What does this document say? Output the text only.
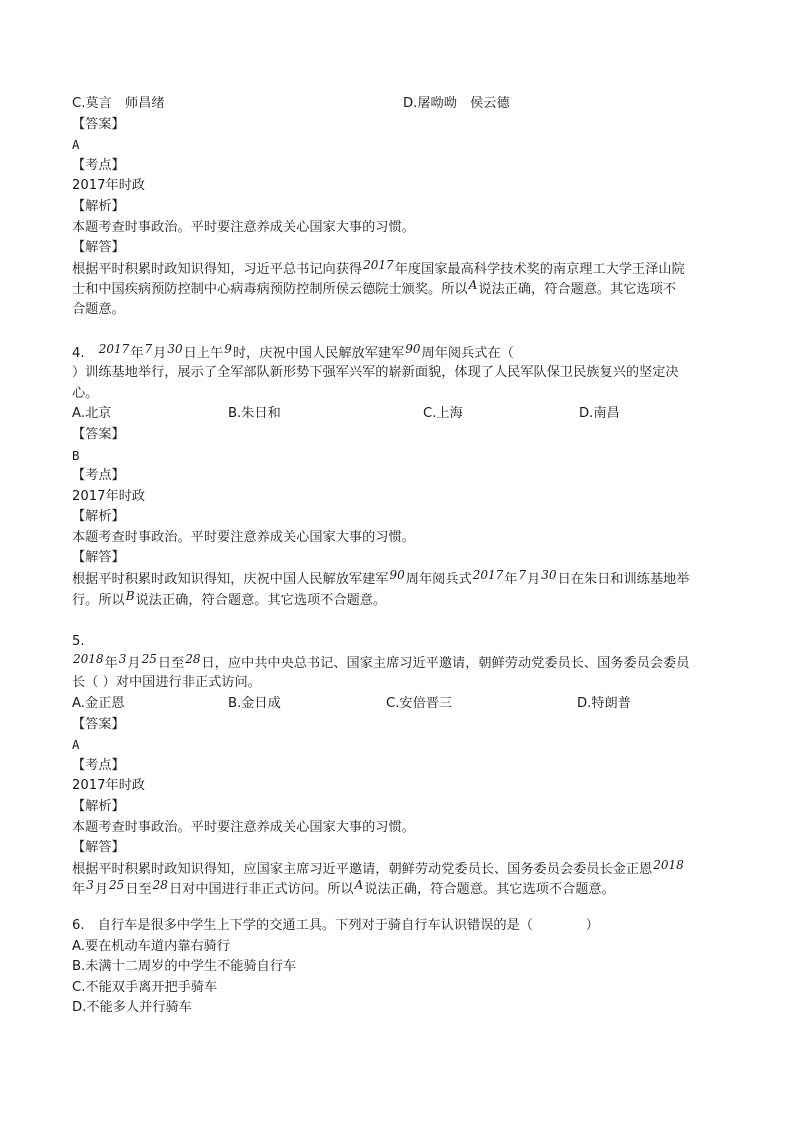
C.莫言　师昌绪	D.屠呦呦　侯云德
【答案】
A
【考点】
2017年时政
【解析】
本题考查时事政治。平时要注意养成关心国家大事的习惯。
【解答】
根据平时积累时政知识得知，习近平总书记向获得2017年度国家最高科学技术奖的南京理工大学王泽山院
士和中国疾病预防控制中心病毒病预防控制所侯云德院士颁奖。所以A说法正确，符合题意。其它选项不
合题意。
4.　2017年7月30日上午9时，庆祝中国人民解放军建军90周年阅兵式在（
）训练基地举行，展示了全军部队新形势下强军兴军的崭新面貌，体现了人民军队保卫民族复兴的坚定决
心。
A.北京	B.朱日和	C.上海	D.南昌
【答案】
B
【考点】
2017年时政
【解析】
本题考查时事政治。平时要注意养成关心国家大事的习惯。
【解答】
根据平时积累时政知识得知，庆祝中国人民解放军建军90周年阅兵式2017年7月30日在朱日和训练基地举
行。所以B说法正确，符合题意。其它选项不合题意。
5.
2018年3月25日至28日，应中共中央总书记、国家主席习近平邀请，朝鲜劳动党委员长、国务委员会委员
长（ ）对中国进行非正式访问。
A.金正恩	B.金日成	C.安倍晋三	D.特朗普
【答案】
A
【考点】
2017年时政
【解析】
本题考查时事政治。平时要注意养成关心国家大事的习惯。
【解答】
根据平时积累时政知识得知，应国家主席习近平邀请，朝鲜劳动党委员长、国务委员会委员长金正恩2018
年3月25日至28日对中国进行非正式访问。所以A说法正确，符合题意。其它选项不合题意。
6.　自行车是很多中学生上下学的交通工具。下列对于骑自行车认识错误的是（　　　　）
A.要在机动车道内靠右骑行
B.未满十二周岁的中学生不能骑自行车
C.不能双手离开把手骑车
D.不能多人并行骑车
